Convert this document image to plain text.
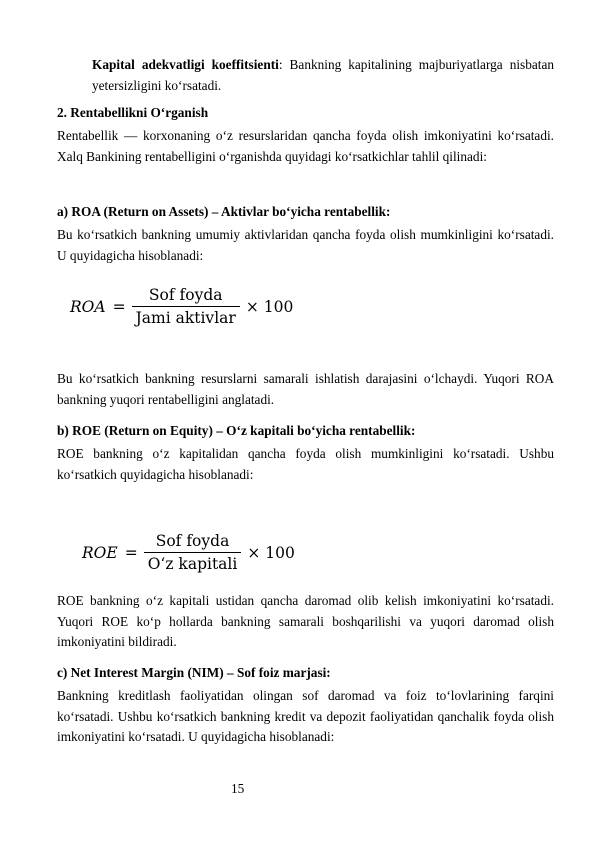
Kapital adekvatligi koeffitsienti: Bankning kapitalining majburiyatlarga nisbatan yetersizligini ko‘rsatadi.

2. Rentabellikni O‘rganish

Rentabellik — korxonaning o‘z resurslaridan qancha foyda olish imkoniyatini ko‘rsatadi. Xalq Bankining rentabelligini o‘rganishda quyidagi ko‘rsatkichlar tahlil qilinadi:

a) ROA (Return on Assets) – Aktivlar bo‘yicha rentabellik:

Bu ko‘rsatkich bankning umumiy aktivlaridan qancha foyda olish mumkinligini ko‘rsatadi. U quyidagicha hisoblanadi:

ROA = $\frac{\text{Sof foyda}}{\text{Jami aktivlar}} \times 100$

Bu ko‘rsatkich bankning resurslarni samarali ishlatish darajasini o‘lchaydi. Yuqori ROA bankning yuqori rentabelligini anglatadi.

b) ROE (Return on Equity) – O‘z kapitali bo‘yicha rentabellik:

ROE bankning o‘z kapitalidan qancha foyda olish mumkinligini ko‘rsatadi. Ushbu ko‘rsatkich quyidagicha hisoblanadi:

ROE = $\frac{\text{Sof foyda}}{\text{O‘z kapitali}} \times 100$

ROE bankning o‘z kapitali ustidan qancha daromad olib kelish imkoniyatini ko‘rsatadi. Yuqori ROE ko‘p hollarda bankning samarali boshqarilishi va yuqori daromad olish imkoniyatini bildiradi.

c) Net Interest Margin (NIM) – Sof foiz marjasi:

Bankning kreditlash faoliyatidan olingan sof daromad va foiz to‘lovlarining farqini ko‘rsatadi. Ushbu ko‘rsatkich bankning kredit va depozit faoliyatidan qanchalik foyda olish imkoniyatini ko‘rsatadi. U quyidagicha hisoblanadi:

15
